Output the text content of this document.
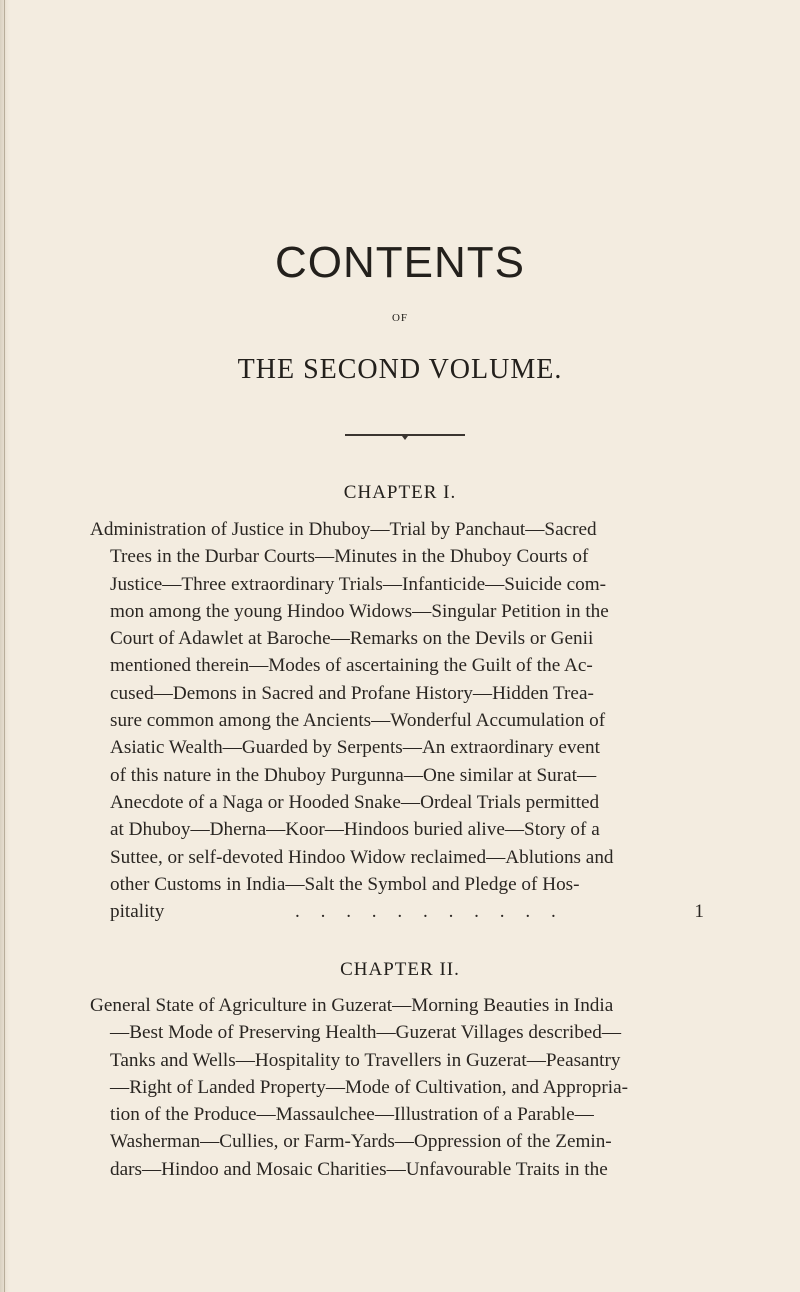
CONTENTS
OF
THE SECOND VOLUME.
CHAPTER I.
Administration of Justice in Dhuboy—Trial by Panchaut—Sacred
Trees in the Durbar Courts—Minutes in the Dhuboy Courts of
Justice—Three extraordinary Trials—Infanticide—Suicide com-
mon among the young Hindoo Widows—Singular Petition in the
Court of Adawlet at Baroche—Remarks on the Devils or Genii
mentioned therein—Modes of ascertaining the Guilt of the Ac-
cused—Demons in Sacred and Profane History—Hidden Trea-
sure common among the Ancients—Wonderful Accumulation of
Asiatic Wealth—Guarded by Serpents—An extraordinary event
of this nature in the Dhuboy Purgunna—One similar at Surat—
Anecdote of a Naga or Hooded Snake—Ordeal Trials permitted
at Dhuboy—Dherna—Koor—Hindoos buried alive—Story of a
Suttee, or self-devoted Hindoo Widow reclaimed—Ablutions and
other Customs in India—Salt the Symbol and Pledge of Hos-
pitality	. . . . . . . . . . .	1
CHAPTER II.
General State of Agriculture in Guzerat—Morning Beauties in India
—Best Mode of Preserving Health—Guzerat Villages described—
Tanks and Wells—Hospitality to Travellers in Guzerat—Peasantry
—Right of Landed Property—Mode of Cultivation, and Appropria-
tion of the Produce—Massaulchee—Illustration of a Parable—
Washerman—Cullies, or Farm-Yards—Oppression of the Zemin-
dars—Hindoo and Mosaic Charities—Unfavourable Traits in the
